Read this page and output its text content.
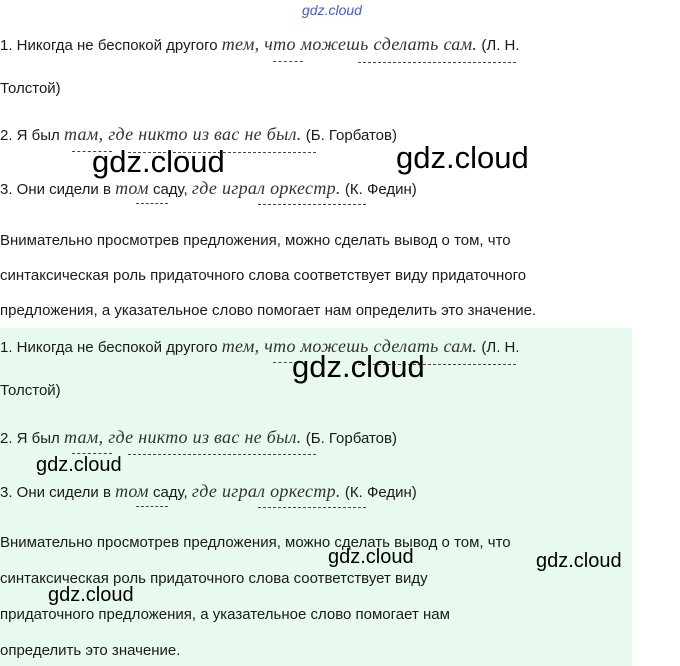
gdz.cloud
1. Никогда не беспокой другого тем, что можешь сделать сам. (Л. Н.
Толстой)
2. Я был там, где никто из вас не был. (Б. Горбатов)
3. Они сидели в том саду, где играл оркестр. (К. Федин)
Внимательно просмотрев предложения, можно сделать вывод о том, что
синтаксическая роль придаточного слова соответствует виду придаточного
предложения, а указательное слово помогает нам определить это значение.
1. Никогда не беспокой другого тем, что можешь сделать сам. (Л. Н.
Толстой)
2. Я был там, где никто из вас не был. (Б. Горбатов)
3. Они сидели в том саду, где играл оркестр. (К. Федин)
Внимательно просмотрев предложения, можно сделать вывод о том, что
синтаксическая роль придаточного слова соответствует виду
придаточного предложения, а указательное слово помогает нам
определить это значение.
gdz.cloud	gdz.cloud
gdz.cloud
gdz.cloud
gdz.cloud	gdz.cloud
gdz.cloud
